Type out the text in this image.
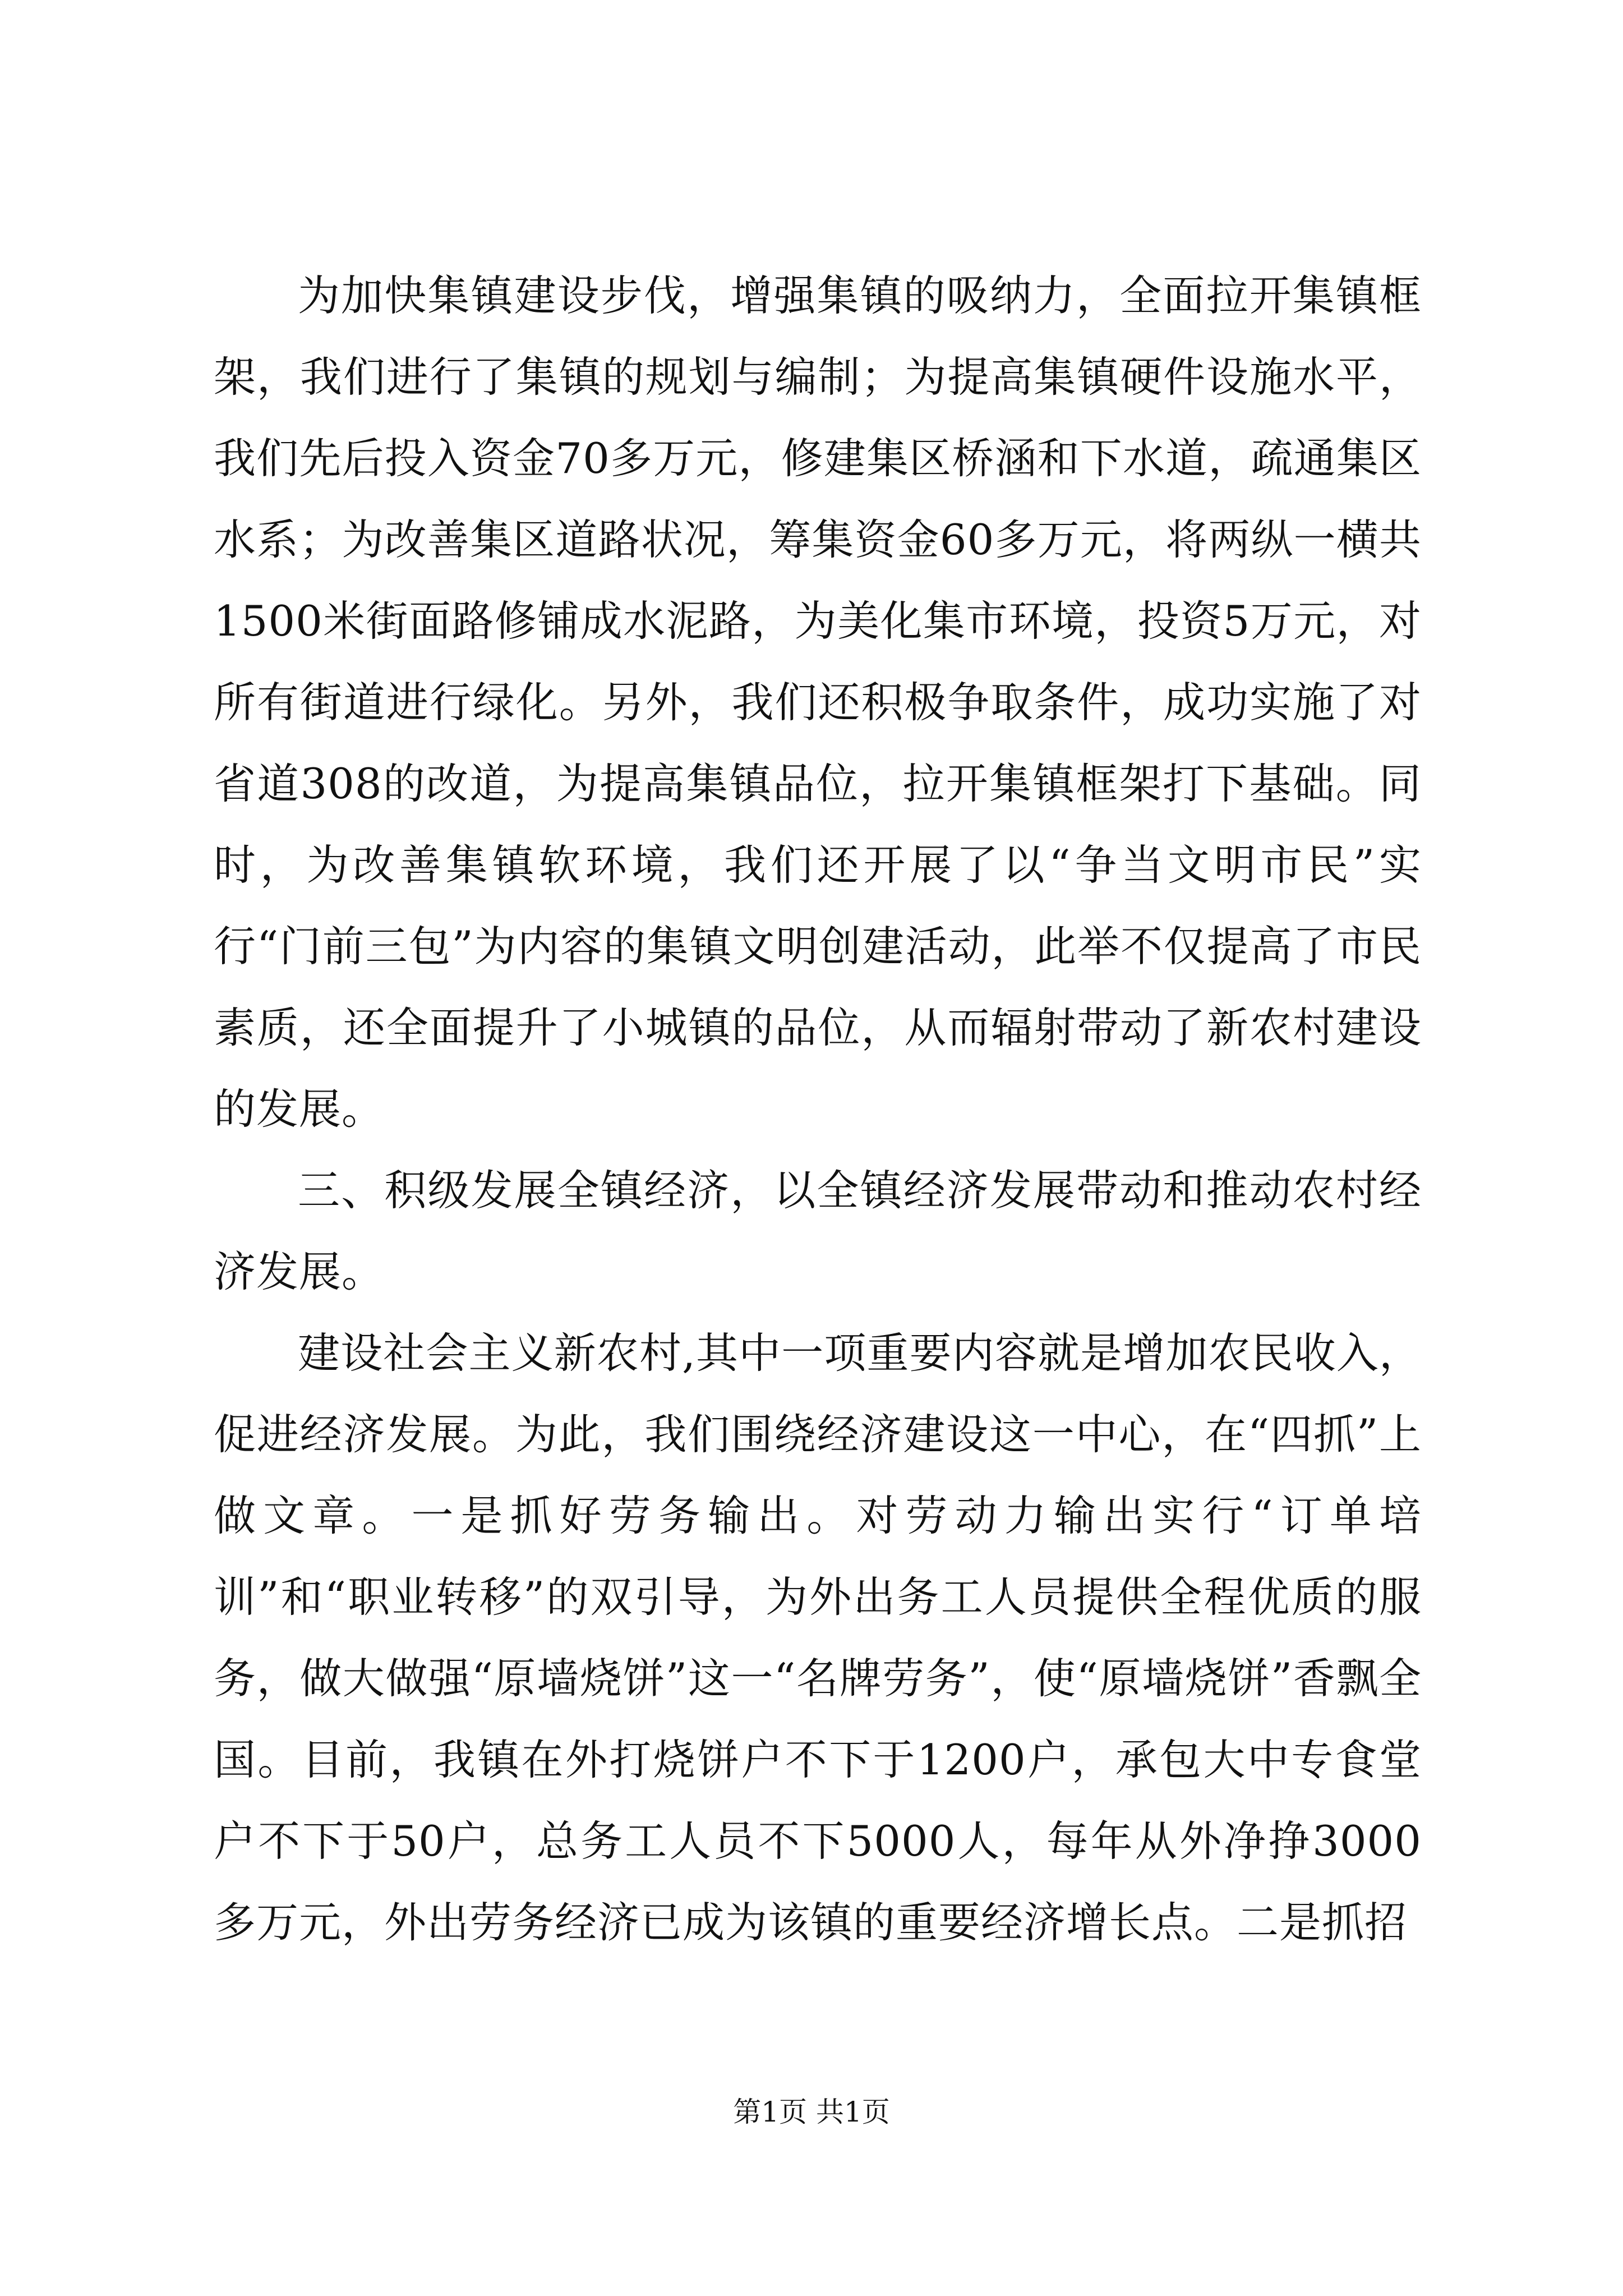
为加快集镇建设步伐，增强集镇的吸纳力，全面拉开集镇框架，我们进行了集镇的规划与编制；为提高集镇硬件设施水平，我们先后投入资金70多万元，修建集区桥涵和下水道，疏通集区水系；为改善集区道路状况，筹集资金60多万元，将两纵一横共1500米街面路修铺成水泥路，为美化集市环境，投资5万元，对所有街道进行绿化。另外，我们还积极争取条件，成功实施了对省道308的改道，为提高集镇品位，拉开集镇框架打下基础。同时，为改善集镇软环境，我们还开展了以“争当文明市民”实行“门前三包”为内容的集镇文明创建活动，此举不仅提高了市民素质，还全面提升了小城镇的品位，从而辐射带动了新农村建设的发展。

三、积级发展全镇经济，以全镇经济发展带动和推动农村经济发展。

建设社会主义新农村,其中一项重要内容就是增加农民收入，促进经济发展。为此，我们围绕经济建设这一中心，在“四抓”上做文章。一是抓好劳务输出。对劳动力输出实行“订单培训”和“职业转移”的双引导，为外出务工人员提供全程优质的服务，做大做强“原墙烧饼”这一“名牌劳务”，使“原墙烧饼”香飘全国。目前，我镇在外打烧饼户不下于1200户，承包大中专食堂户不下于50户，总务工人员不下5000人，每年从外净挣3000多万元，外出劳务经济已成为该镇的重要经济增长点。二是抓招

第1页 共1页
